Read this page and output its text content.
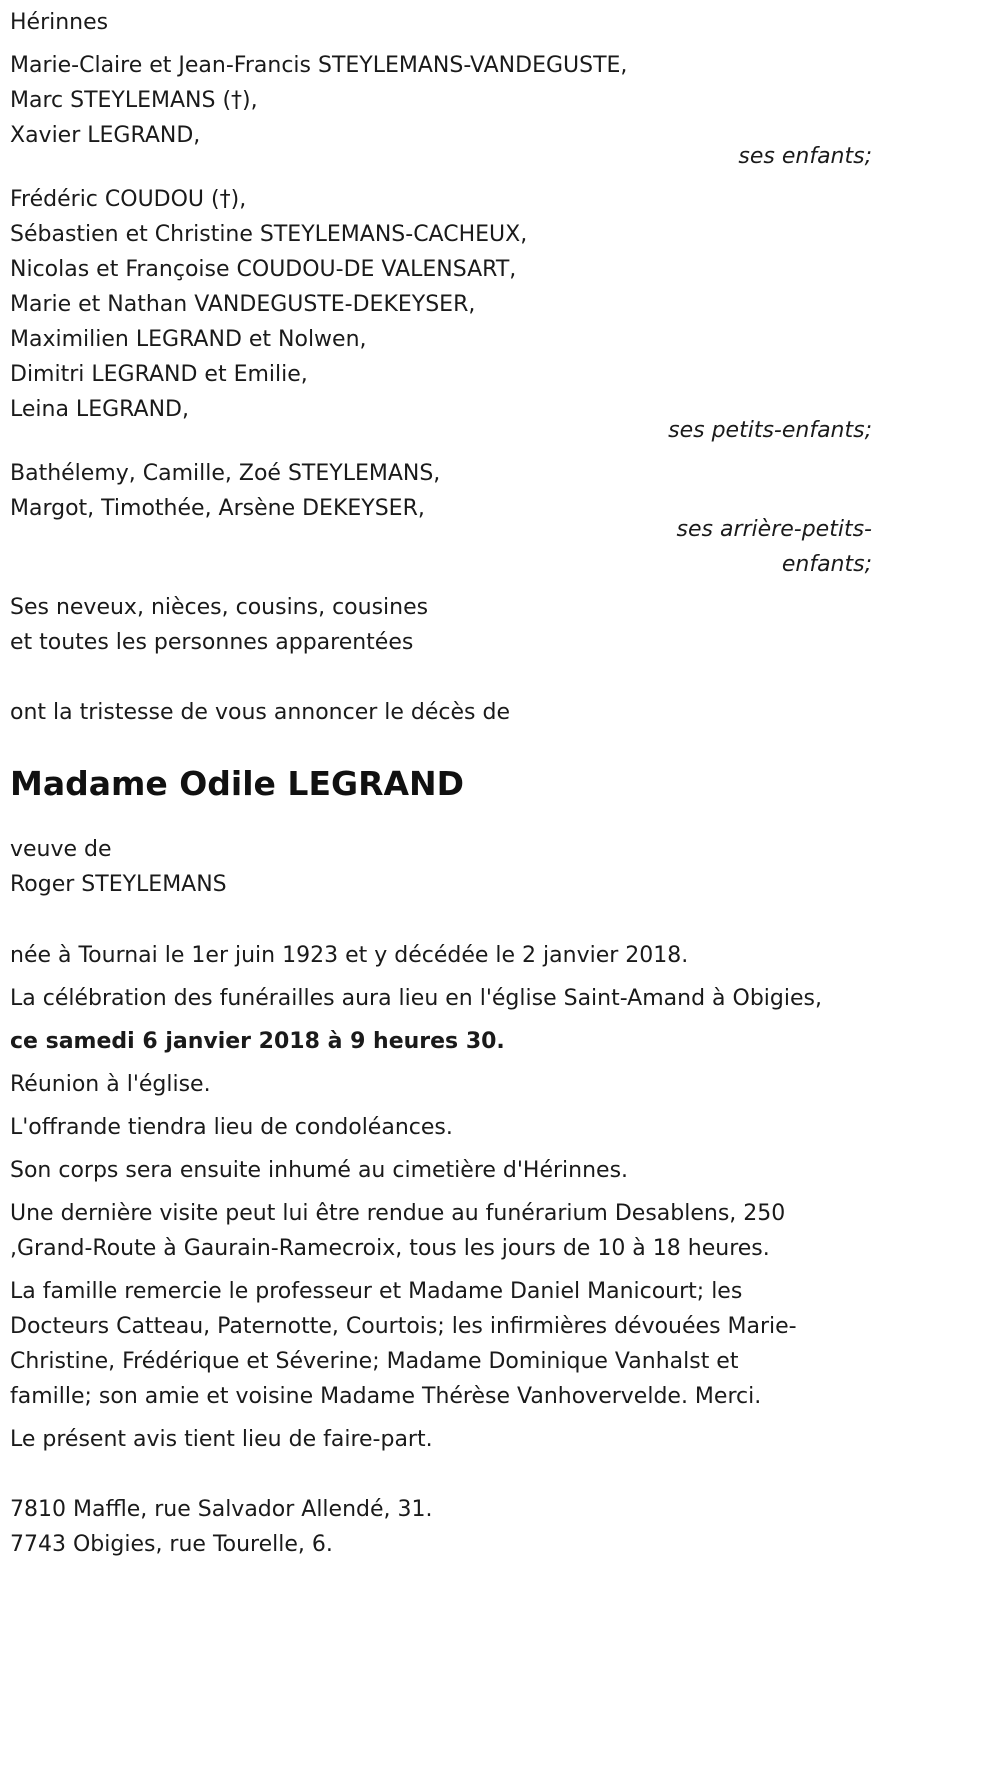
Hérinnes
Marie-Claire et Jean-Francis STEYLEMANS-VANDEGUSTE,
Marc STEYLEMANS (†),
Xavier LEGRAND,
ses enfants;
Frédéric COUDOU (†),
Sébastien et Christine STEYLEMANS-CACHEUX,
Nicolas et Françoise COUDOU-DE VALENSART,
Marie et Nathan VANDEGUSTE-DEKEYSER,
Maximilien LEGRAND et Nolwen,
Dimitri LEGRAND et Emilie,
Leina LEGRAND,
ses petits-enfants;
Bathélemy, Camille, Zoé STEYLEMANS,
Margot, Timothée, Arsène DEKEYSER,
ses arrière-petits-
enfants;
Ses neveux, nièces, cousins, cousines
et toutes les personnes apparentées
ont la tristesse de vous annoncer le décès de
Madame Odile LEGRAND
veuve de
Roger STEYLEMANS
née à Tournai le 1er juin 1923 et y décédée le 2 janvier 2018.
La célébration des funérailles aura lieu en l'église Saint-Amand à Obigies,
ce samedi 6 janvier 2018 à 9 heures 30.
Réunion à l'église.
L'offrande tiendra lieu de condoléances.
Son corps sera ensuite inhumé au cimetière d'Hérinnes.
Une dernière visite peut lui être rendue au funérarium Desablens, 250
,Grand-Route à Gaurain-Ramecroix, tous les jours de 10 à 18 heures.
La famille remercie le professeur et Madame Daniel Manicourt; les
Docteurs Catteau, Paternotte, Courtois; les infirmières dévouées Marie-
Christine, Frédérique et Séverine; Madame Dominique Vanhalst et
famille; son amie et voisine Madame Thérèse Vanhovervelde. Merci.
Le présent avis tient lieu de faire-part.
7810 Maffle, rue Salvador Allendé, 31.
7743 Obigies, rue Tourelle, 6.
